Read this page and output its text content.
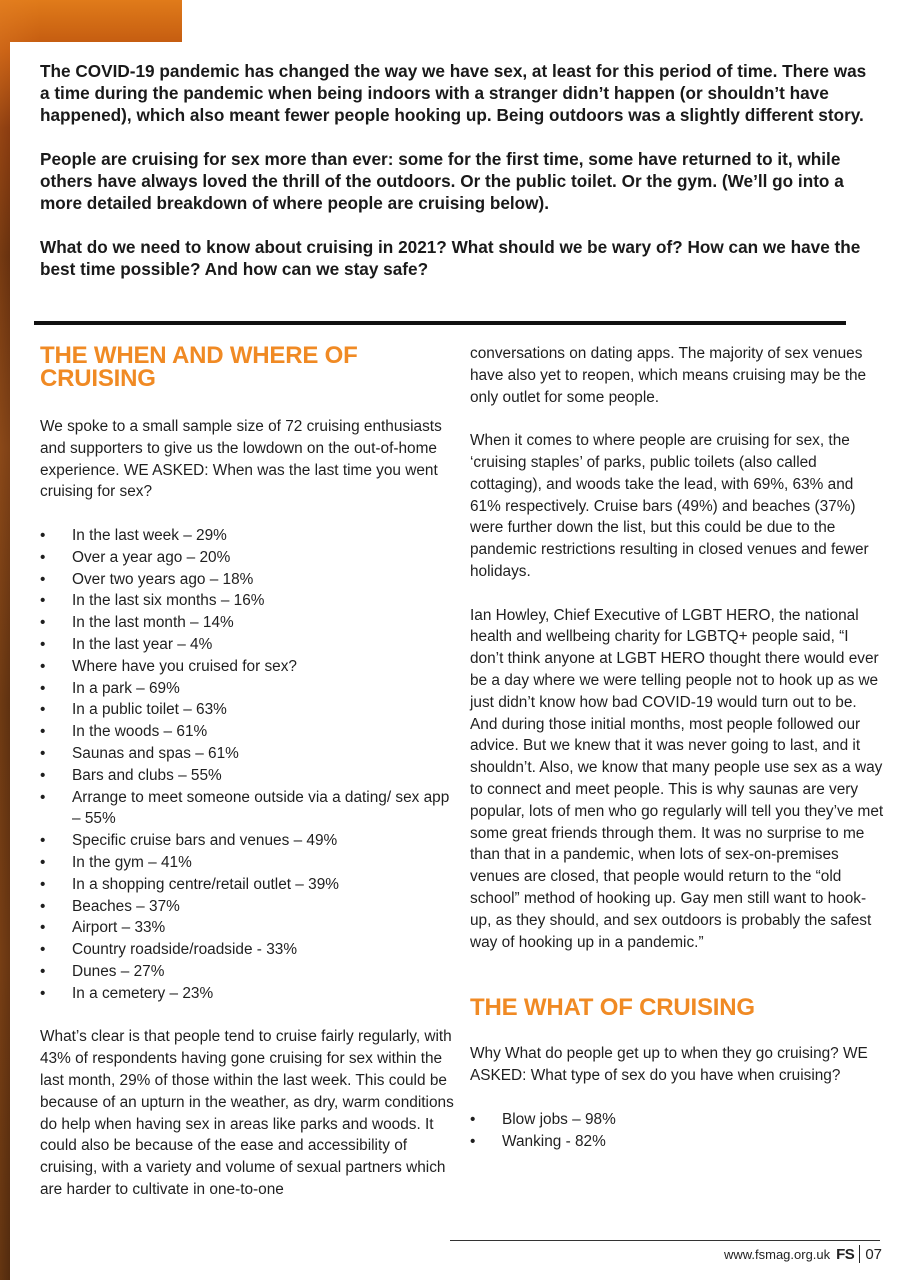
The COVID-19 pandemic has changed the way we have sex, at least for this period of time. There was a time during the pandemic when being indoors with a stranger didn’t happen (or shouldn’t have happened), which also meant fewer people hooking up. Being outdoors was a slightly different story.

People are cruising for sex more than ever: some for the first time, some have returned to it, while others have always loved the thrill of the outdoors. Or the public toilet. Or the gym. (We’ll go into a more detailed breakdown of where people are cruising below).

What do we need to know about cruising in 2021? What should we be wary of? How can we have the best time possible? And how can we stay safe?

THE WHEN AND WHERE OF CRUISING

We spoke to a small sample size of 72 cruising enthusiasts and supporters to give us the lowdown on the out-of-home experience. WE ASKED: When was the last time you went cruising for sex?

• In the last week – 29%
• Over a year ago – 20%
• Over two years ago – 18%
• In the last six months – 16%
• In the last month – 14%
• In the last year – 4%
• Where have you cruised for sex?
• In a park – 69%
• In a public toilet – 63%
• In the woods – 61%
• Saunas and spas – 61%
• Bars and clubs – 55%
• Arrange to meet someone outside via a dating/ sex app – 55%
• Specific cruise bars and venues – 49%
• In the gym – 41%
• In a shopping centre/retail outlet – 39%
• Beaches – 37%
• Airport – 33%
• Country roadside/roadside - 33%
• Dunes – 27%
• In a cemetery – 23%

What’s clear is that people tend to cruise fairly regularly, with 43% of respondents having gone cruising for sex within the last month, 29% of those within the last week. This could be because of an upturn in the weather, as dry, warm conditions do help when having sex in areas like parks and woods. It could also be because of the ease and accessibility of cruising, with a variety and volume of sexual partners which are harder to cultivate in one-to-one

conversations on dating apps. The majority of sex venues have also yet to reopen, which means cruising may be the only outlet for some people.

When it comes to where people are cruising for sex, the ‘cruising staples’ of parks, public toilets (also called cottaging), and woods take the lead, with 69%, 63% and 61% respectively. Cruise bars (49%) and beaches (37%) were further down the list, but this could be due to the pandemic restrictions resulting in closed venues and fewer holidays.

Ian Howley, Chief Executive of LGBT HERO, the national health and wellbeing charity for LGBTQ+ people said, “I don’t think anyone at LGBT HERO thought there would ever be a day where we were telling people not to hook up as we just didn’t know how bad COVID-19 would turn out to be. And during those initial months, most people followed our advice. But we knew that it was never going to last, and it shouldn’t. Also, we know that many people use sex as a way to connect and meet people. This is why saunas are very popular, lots of men who go regularly will tell you they’ve met some great friends through them. It was no surprise to me than that in a pandemic, when lots of sex-on-premises venues are closed, that people would return to the “old school” method of hooking up. Gay men still want to hook-up, as they should, and sex outdoors is probably the safest way of hooking up in a pandemic.”

THE WHAT OF CRUISING

Why What do people get up to when they go cruising? WE ASKED: What type of sex do you have when cruising?

• Blow jobs – 98%
• Wanking - 82%
www.fsmag.org.uk FS 07
